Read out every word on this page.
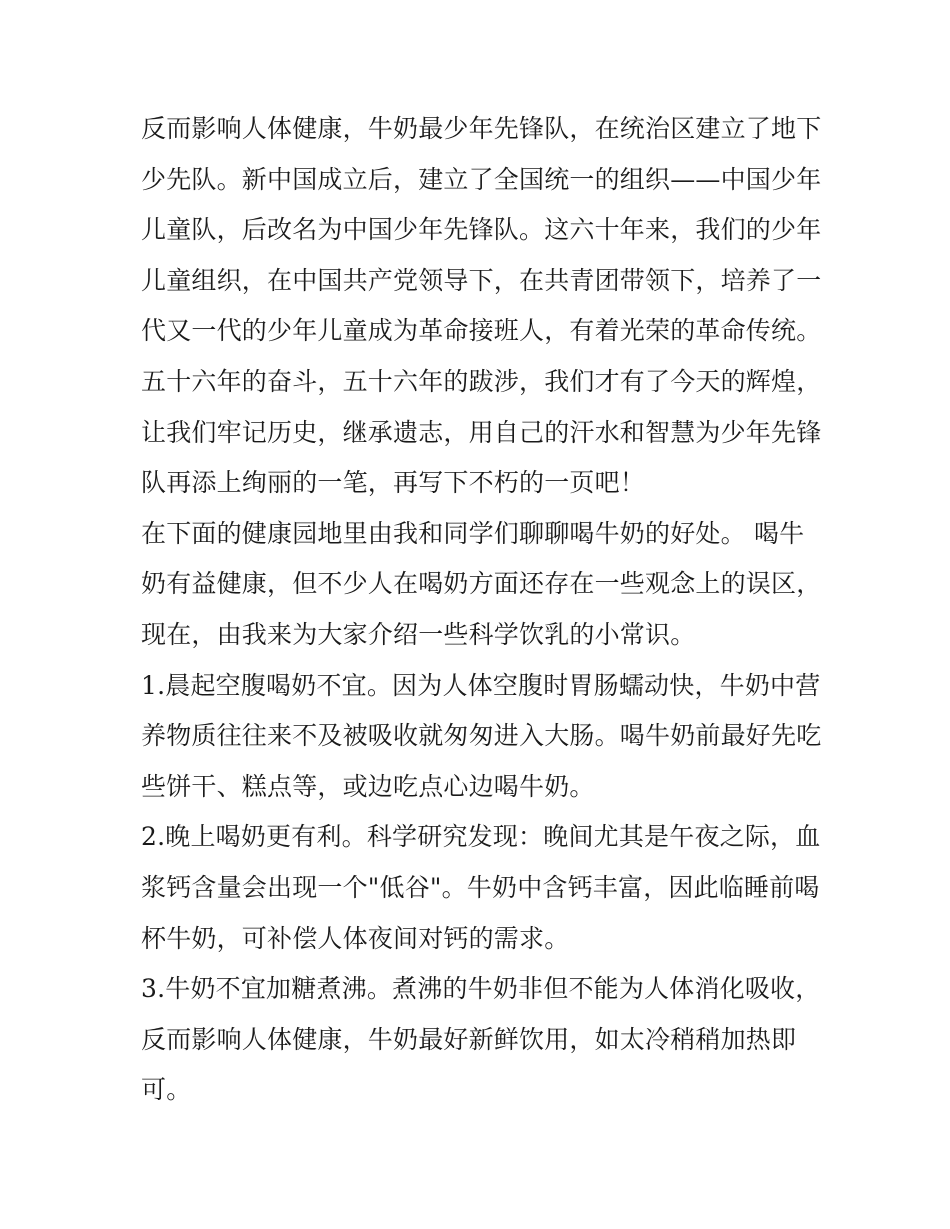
反而影响人体健康，牛奶最少年先锋队，在统治区建立了地下
少先队。新中国成立后，建立了全国统一的组织——中国少年
儿童队，后改名为中国少年先锋队。这六十年来，我们的少年
儿童组织，在中国共产党领导下，在共青团带领下，培养了一
代又一代的少年儿童成为革命接班人，有着光荣的革命传统。
五十六年的奋斗，五十六年的跋涉，我们才有了今天的辉煌，
让我们牢记历史，继承遗志，用自己的汗水和智慧为少年先锋
队再添上绚丽的一笔，再写下不朽的一页吧！
在下面的健康园地里由我和同学们聊聊喝牛奶的好处。 喝牛
奶有益健康，但不少人在喝奶方面还存在一些观念上的误区，
现在，由我来为大家介绍一些科学饮乳的小常识。
1.晨起空腹喝奶不宜。因为人体空腹时胃肠蠕动快，牛奶中营
养物质往往来不及被吸收就匆匆进入大肠。喝牛奶前最好先吃
些饼干、糕点等，或边吃点心边喝牛奶。
2.晚上喝奶更有利。科学研究发现：晚间尤其是午夜之际，血
浆钙含量会出现一个"低谷"。牛奶中含钙丰富，因此临睡前喝
杯牛奶，可补偿人体夜间对钙的需求。
3.牛奶不宜加糖煮沸。煮沸的牛奶非但不能为人体消化吸收，
反而影响人体健康，牛奶最好新鲜饮用，如太冷稍稍加热即
可。
